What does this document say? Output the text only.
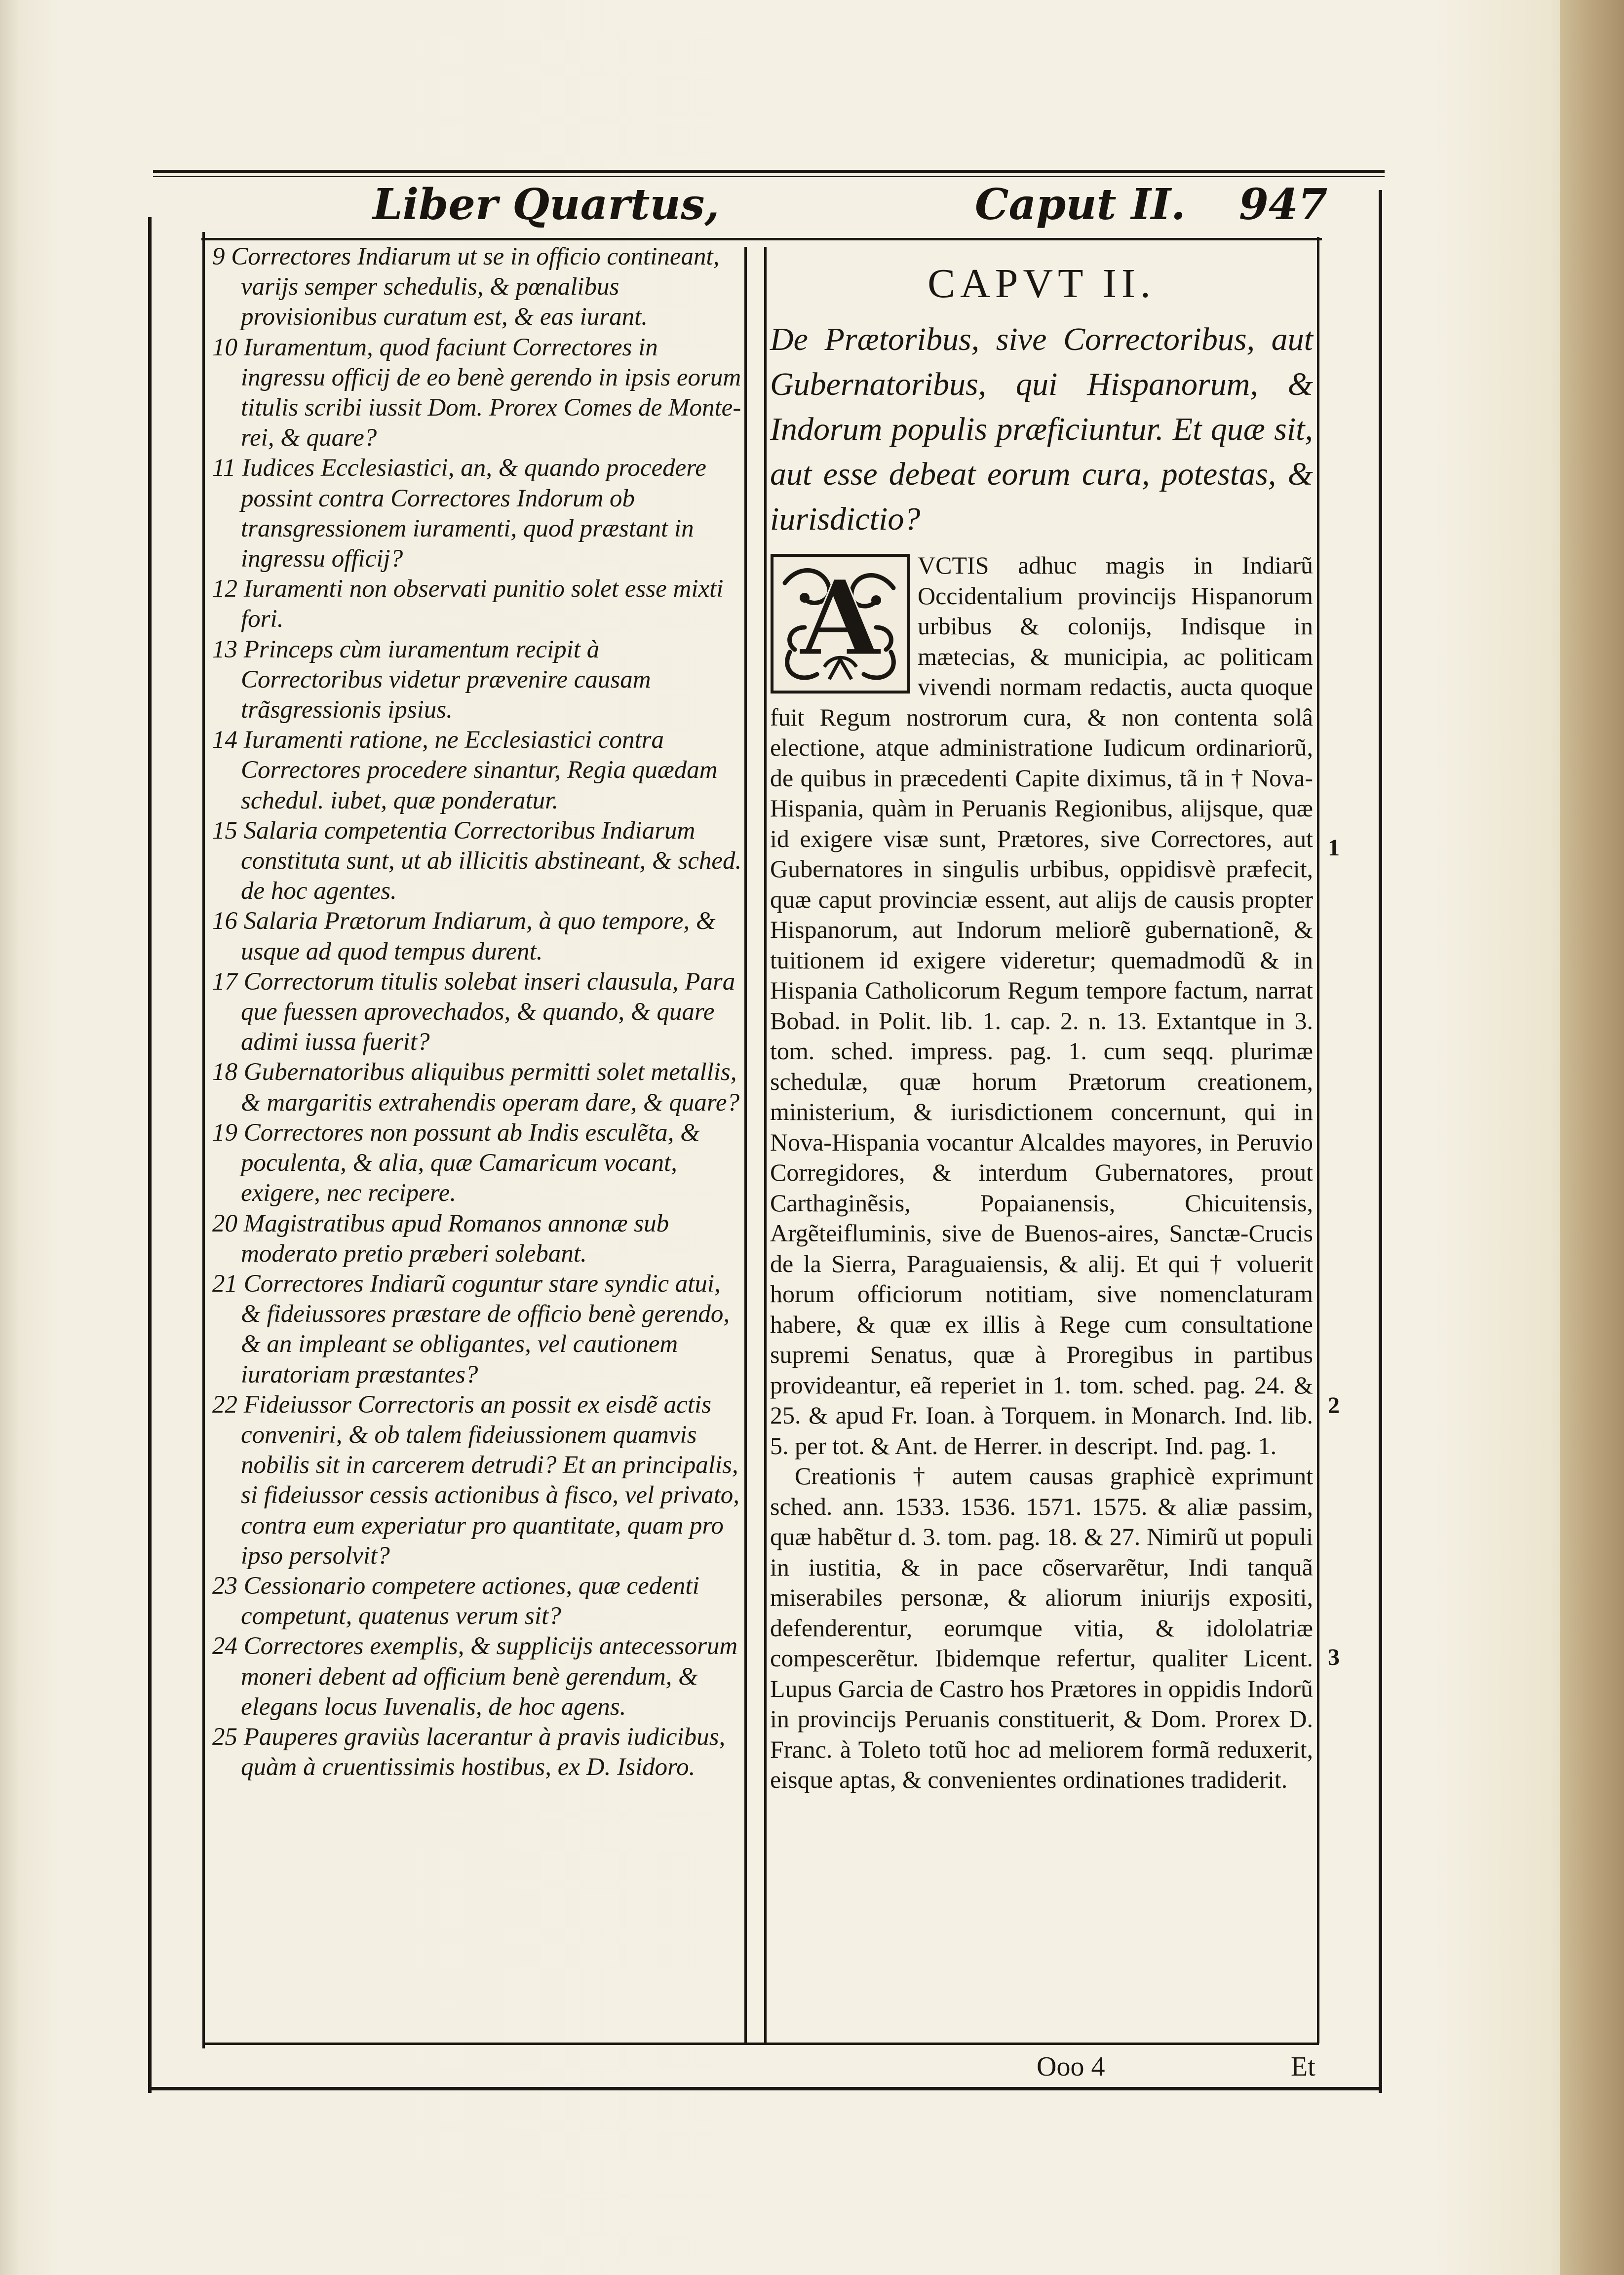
Liber Quartus,	Caput II. 947

9 Correctores Indiarum ut se in officio contineant, varijs semper schedulis, & pœnalibus provisionibus curatum est, & eas iurant.

10 Iuramentum, quod faciunt Correctores in ingressu officij de eo benè gerendo in ipsis eorum titulis scribi iussit Dom. Prorex Comes de Monte-rei, & quare?

11 Iudices Ecclesiastici, an, & quando procedere possint contra Correctores Indorum ob transgressionem iuramenti, quod præstant in ingressu officij?

12 Iuramenti non observati punitio solet esse mixti fori.

13 Princeps cùm iuramentum recipit à Correctoribus videtur prævenire causam trãsgressionis ipsius.

14 Iuramenti ratione, ne Ecclesiastici contra Correctores procedere sinantur, Regia quædam schedul. iubet, quæ ponderatur.

15 Salaria competentia Correctoribus Indiarum constituta sunt, ut ab illicitis abstineant, & sched. de hoc agentes.

16 Salaria Prætorum Indiarum, à quo tempore, & usque ad quod tempus durent.

17 Correctorum titulis solebat inseri clausula, Para que fuessen aprovechados, & quando, & quare adimi iussa fuerit?

18 Gubernatoribus aliquibus permitti solet metallis, & margaritis extrahendis operam dare, & quare?

19 Correctores non possunt ab Indis esculẽta, & poculenta, & alia, quæ Camaricum vocant, exigere, nec recipere.

20 Magistratibus apud Romanos annonæ sub moderato pretio præberi solebant.

21 Correctores Indiarũ coguntur stare syndic atui, & fideiussores præstare de officio benè gerendo, & an impleant se obligantes, vel cautionem iuratoriam præstantes?

22 Fideiussor Correctoris an possit ex eisdẽ actis conveniri, & ob talem fideiussionem quamvis nobilis sit in carcerem detrudi? Et an principalis, si fideiussor cessis actionibus à fisco, vel privato, contra eum experiatur pro quantitate, quam pro ipso persolvit?

23 Cessionario competere actiones, quæ cedenti competunt, quatenus verum sit?

24 Correctores exemplis, & supplicijs antecessorum moneri debent ad officium benè gerendum, & elegans locus Iuvenalis, de hoc agens.

25 Pauperes graviùs lacerantur à pravis iudicibus, quàm à cruentissimis hostibus, ex D. Isidoro.

CAPVT II.
De Prætoribus, sive Correctoribus, aut Gubernatoribus, qui Hispanorum, & Indorum populis præficiuntur. Et quæ sit, aut esse debeat eorum cura, potestas, & iurisdictio?
A	VCTIS adhuc magis in Indiarũ Occidentalium provincijs Hispanorum urbibus & colonijs, Indisque in mætecias, & municipia, ac politicam vivendi normam redactis, aucta quoque fuit Regum nostrorum cura, & non contenta solâ electione, atque administratione Iudicum ordinariorũ, de quibus in præcedenti Capite diximus, tã in † Nova-Hispania, quàm in Peruanis Regionibus, alijsque, quæ id exigere visæ sunt, Prætores, sive Correctores, aut Gubernatores in singulis urbibus, oppidisvè præfecit, quæ caput provinciæ essent, aut alijs de causis propter Hispanorum, aut Indorum meliorẽ gubernationẽ, & tuitionem id exigere videretur; quemadmodũ & in Hispania Catholicorum Regum tempore factum, narrat Bobad. in Polit. lib. 1. cap. 2. n. 13. Extantque in 3. tom. sched. impress. pag. 1. cum seqq. plurimæ schedulæ, quæ horum Prætorum creationem, ministerium, & iurisdictionem concernunt, qui in Nova-Hispania vocantur Alcaldes mayores, in Peruvio Corregidores, & interdum Gubernatores, prout Carthaginẽsis, Popaianensis, Chicuitensis, Argẽteifluminis, sive de Buenos-aires, Sanctæ-Crucis de la Sierra, Paraguaiensis, & alij. Et qui † voluerit horum officiorum notitiam, sive nomenclaturam habere, & quæ ex illis à Rege cum consultatione supremi Senatus, quæ à Proregibus in partibus provideantur, eã reperiet in 1. tom. sched. pag. 24. & 25. & apud Fr. Ioan. à Torquem. in Monarch. Ind. lib. 5. per tot. & Ant. de Herrer. in descript. Ind. pag. 1.

Creationis † autem causas graphicè exprimunt sched. ann. 1533. 1536. 1571. 1575. & aliæ passim, quæ habẽtur d. 3. tom. pag. 18. & 27. Nimirũ ut populi in iustitia, & in pace cõservarẽtur, Indi tanquã miserabiles personæ, & aliorum iniurijs expositi, defenderentur, eorumque vitia, & idololatriæ compescerẽtur. Ibidemque refertur, qualiter Licent. Lupus Garcia de Castro hos Prætores in oppidis Indorũ in provincijs Peruanis constituerit, & Dom. Prorex D. Franc. à Toleto totũ hoc ad meliorem formã reduxerit, eisque aptas, & convenientes ordinationes tradiderit.

1
2
3
Ooo 4	Et
